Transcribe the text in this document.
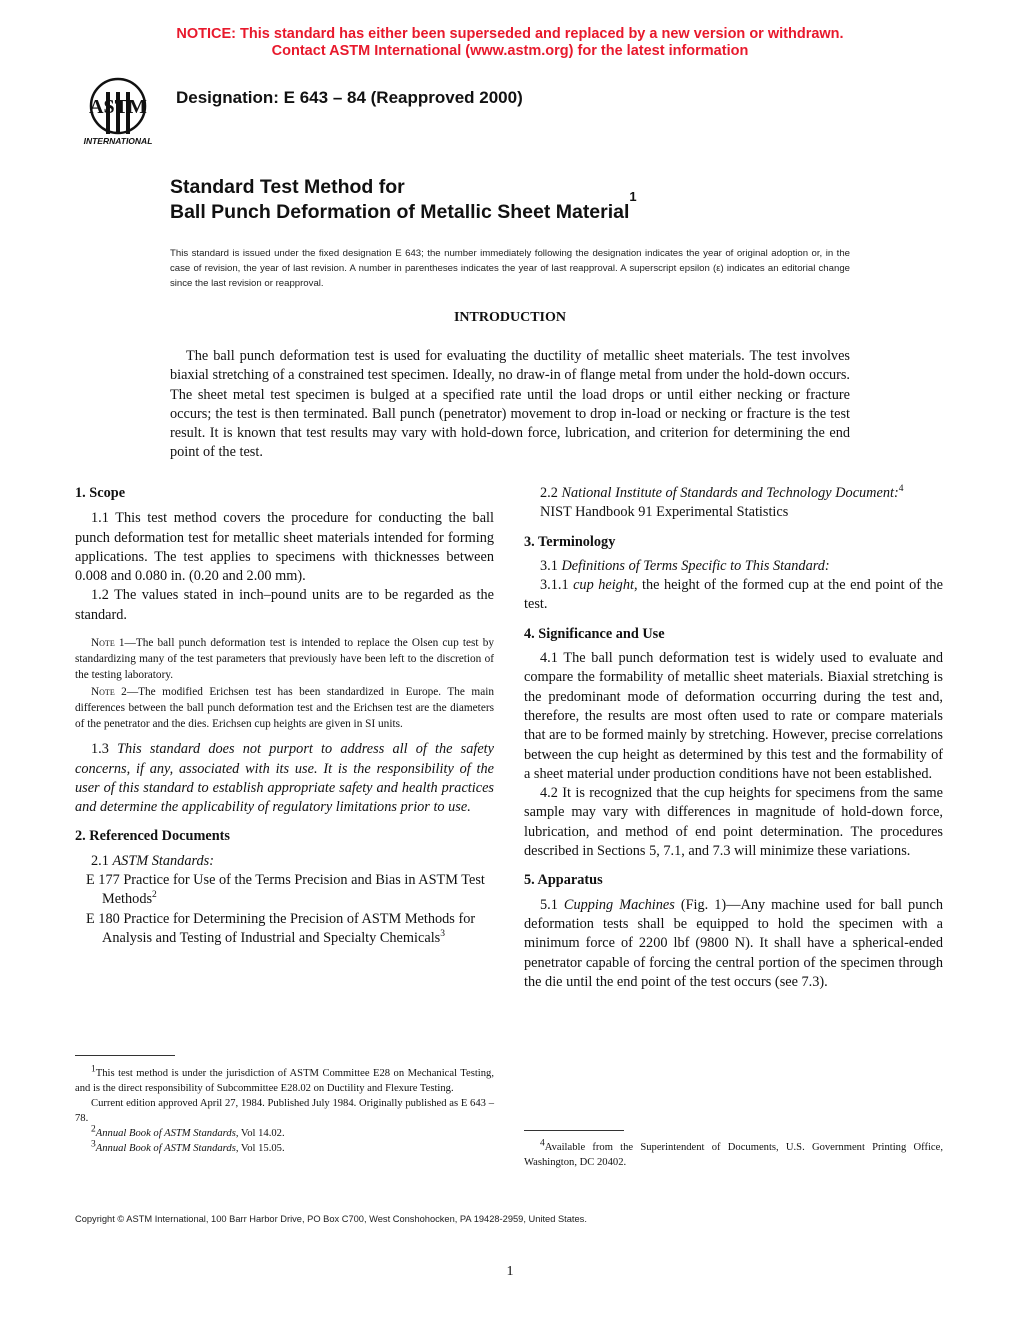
NOTICE: This standard has either been superseded and replaced by a new version or withdrawn.
Contact ASTM International (www.astm.org) for the latest information
ASTM
INTERNATIONAL
Designation: E 643 – 84 (Reapproved 2000)
Standard Test Method for
Ball Punch Deformation of Metallic Sheet Material$^1$
This standard is issued under the fixed designation E 643; the number immediately following the designation indicates the year of original adoption or, in the case of revision, the year of last revision. A number in parentheses indicates the year of last reapproval. A superscript epsilon (ε) indicates an editorial change since the last revision or reapproval.
INTRODUCTION

The ball punch deformation test is used for evaluating the ductility of metallic sheet materials. The test involves biaxial stretching of a constrained test specimen. Ideally, no draw-in of flange metal from under the hold-down occurs. The sheet metal test specimen is bulged at a specified rate until the load drops or until either necking or fracture occurs; the test is then terminated. Ball punch (penetrator) movement to drop in-load or necking or fracture is the test result. It is known that test results may vary with hold-down force, lubrication, and criterion for determining the end point of the test.

1. Scope

1.1 This test method covers the procedure for conducting the ball punch deformation test for metallic sheet materials intended for forming applications. The test applies to specimens with thicknesses between 0.008 and 0.080 in. (0.20 and 2.00 mm).

1.2 The values stated in inch–pound units are to be regarded as the standard.

Note 1—The ball punch deformation test is intended to replace the Olsen cup test by standardizing many of the test parameters that previously have been left to the discretion of the testing laboratory.

Note 2—The modified Erichsen test has been standardized in Europe. The main differences between the ball punch deformation test and the Erichsen test are the diameters of the penetrator and the dies. Erichsen cup heights are given in SI units.

1.3 This standard does not purport to address all of the safety concerns, if any, associated with its use. It is the responsibility of the user of this standard to establish appropriate safety and health practices and determine the applicability of regulatory limitations prior to use.

2. Referenced Documents

2.1 ASTM Standards:

E 177 Practice for Use of the Terms Precision and Bias in ASTM Test Methods$^2$

E 180 Practice for Determining the Precision of ASTM Methods for Analysis and Testing of Industrial and Specialty Chemicals$^3$

$^1$This test method is under the jurisdiction of ASTM Committee E28 on Mechanical Testing, and is the direct responsibility of Subcommittee E28.02 on Ductility and Flexure Testing.

Current edition approved April 27, 1984. Published July 1984. Originally published as E 643 – 78.

$^2$Annual Book of ASTM Standards, Vol 14.02.

$^3$Annual Book of ASTM Standards, Vol 15.05.

2.2 National Institute of Standards and Technology Document:$^4$

NIST Handbook 91 Experimental Statistics

3. Terminology

3.1 Definitions of Terms Specific to This Standard:

3.1.1 cup height, the height of the formed cup at the end point of the test.

4. Significance and Use

4.1 The ball punch deformation test is widely used to evaluate and compare the formability of metallic sheet materials. Biaxial stretching is the predominant mode of deformation occurring during the test and, therefore, the results are most often used to rate or compare materials that are to be formed mainly by stretching. However, precise correlations between the cup height as determined by this test and the formability of a sheet material under production conditions have not been established.

4.2 It is recognized that the cup heights for specimens from the same sample may vary with differences in magnitude of hold-down force, lubrication, and method of end point determination. The procedures described in Sections 5, 7.1, and 7.3 will minimize these variations.

5. Apparatus

5.1 Cupping Machines (Fig. 1)—Any machine used for ball punch deformation tests shall be equipped to hold the specimen with a minimum force of 2200 lbf (9800 N). It shall have a spherical-ended penetrator capable of forcing the central portion of the specimen through the die until the end point of the test occurs (see 7.3).

$^4$Available from the Superintendent of Documents, U.S. Government Printing Office, Washington, DC 20402.

Copyright © ASTM International, 100 Barr Harbor Drive, PO Box C700, West Conshohocken, PA 19428-2959, United States.
1
